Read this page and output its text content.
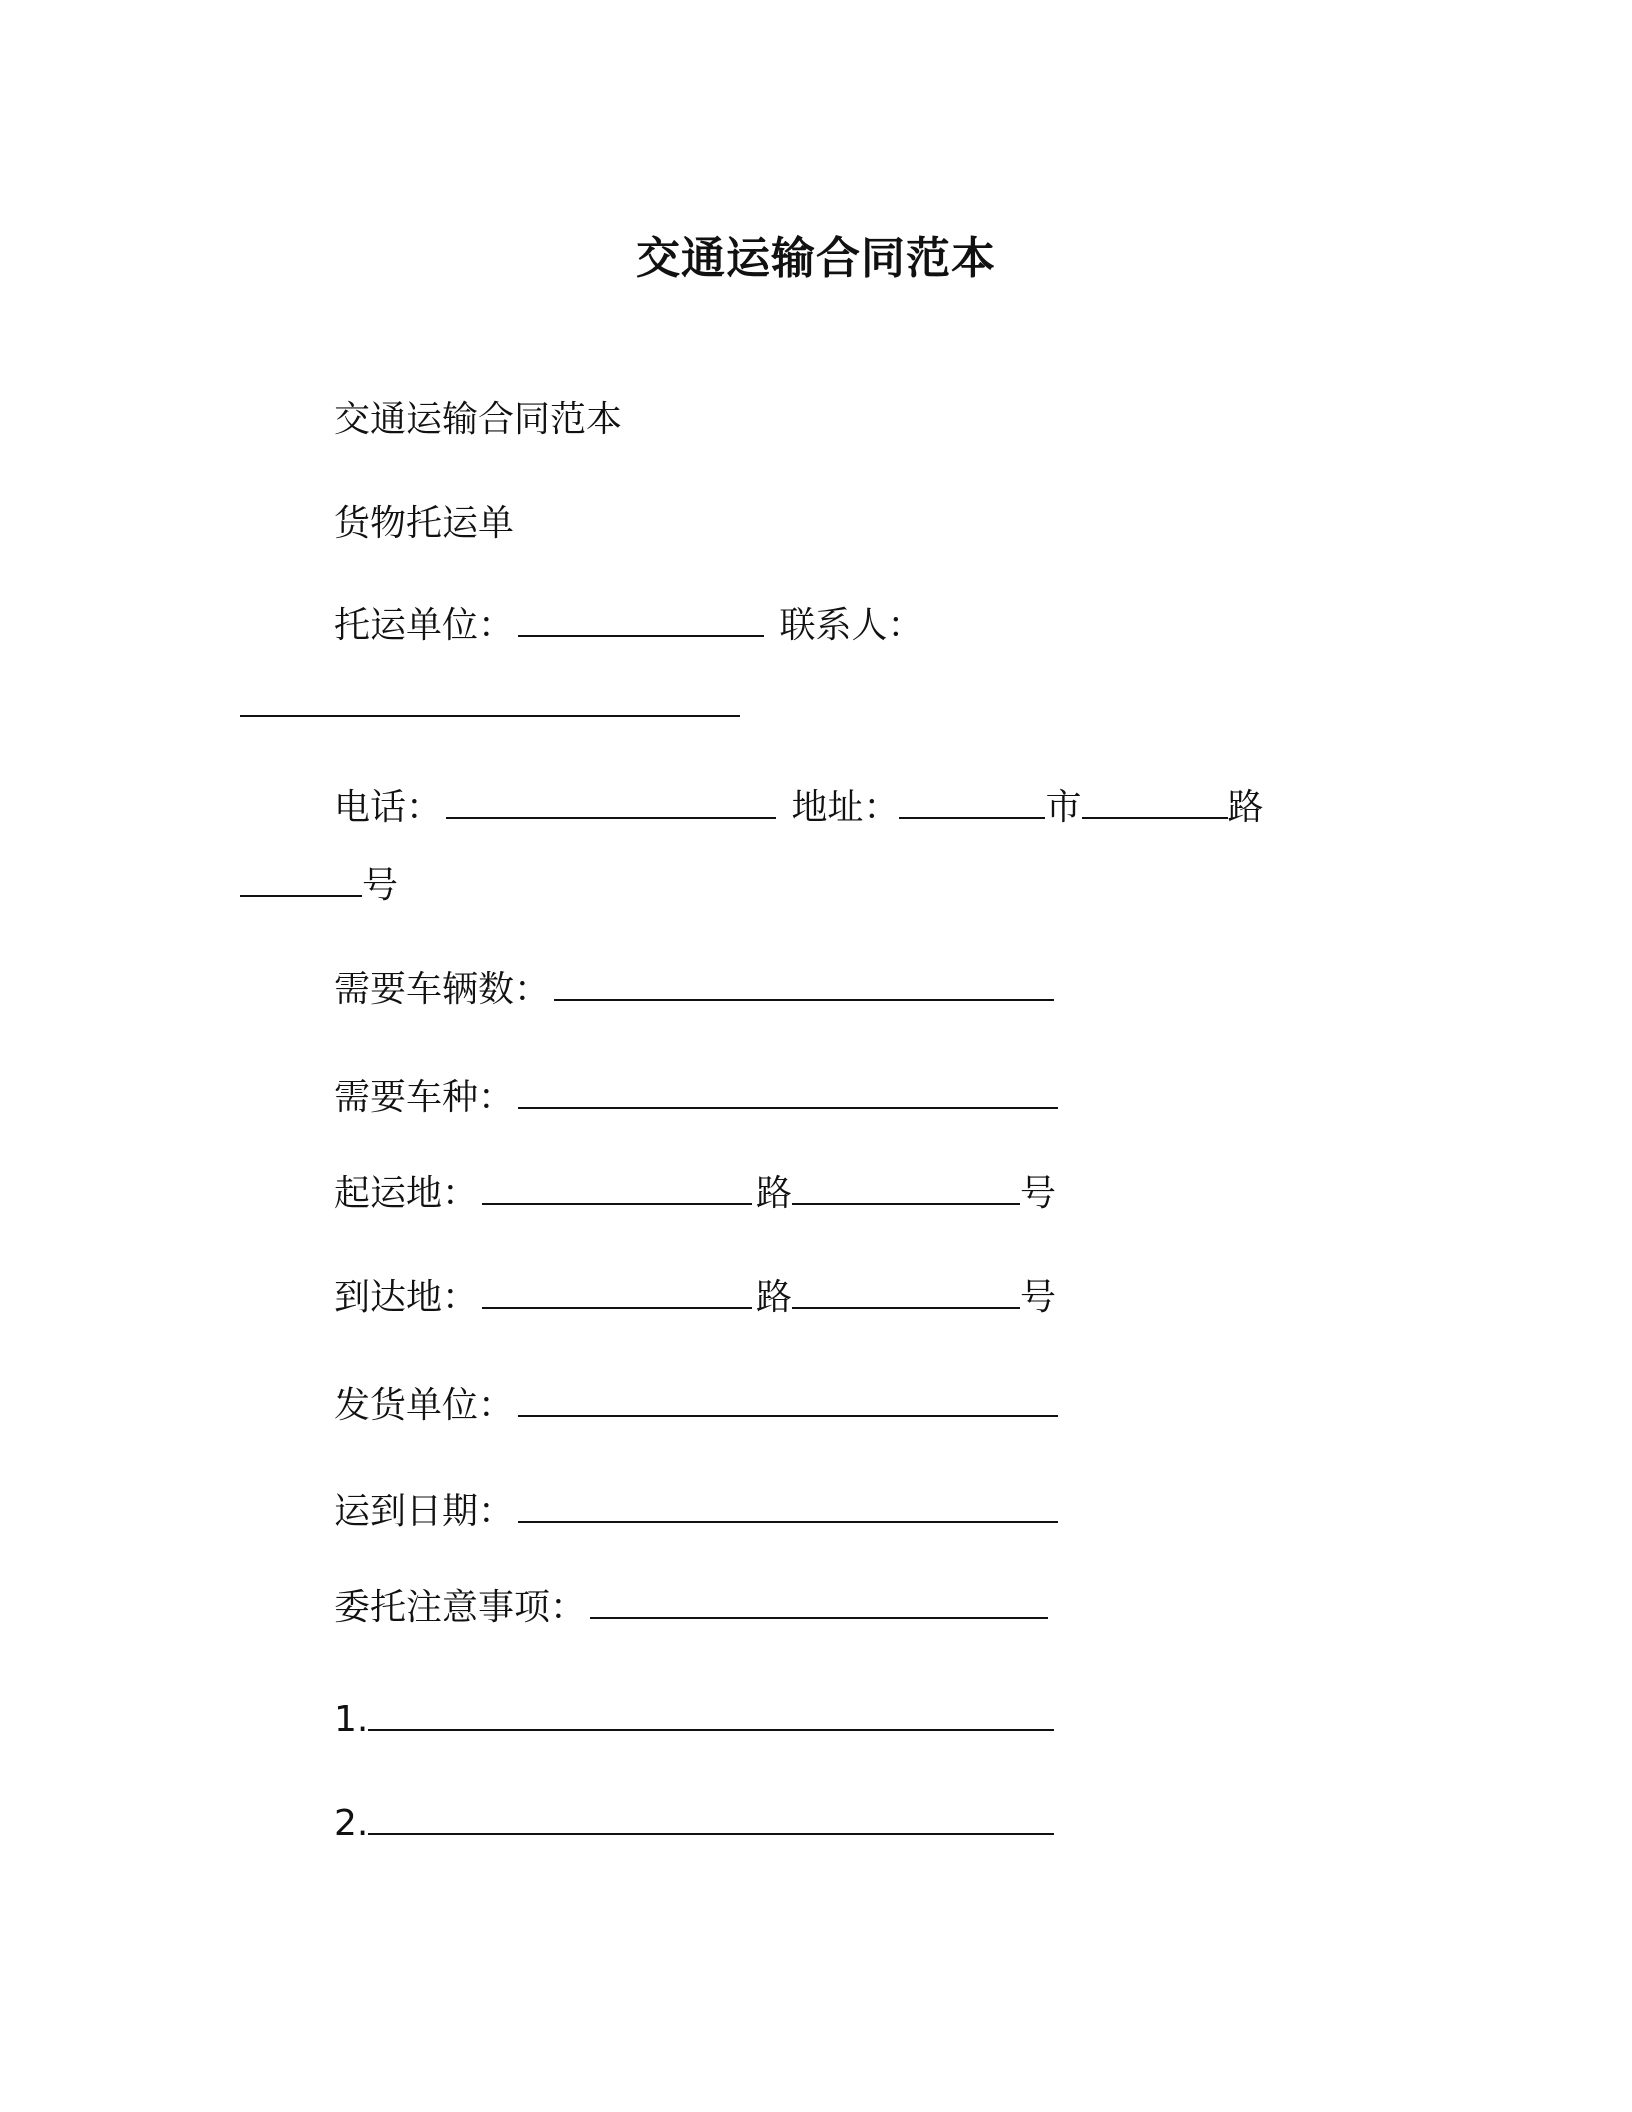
交通运输合同范本
交通运输合同范本
货物托运单
托运单位：	联系人：
电话：	地址：	市	路
号
需要车辆数：
需要车种：
起运地：	路	号
到达地：	路	号
发货单位：
运到日期：
委托注意事项：
1.
2.
